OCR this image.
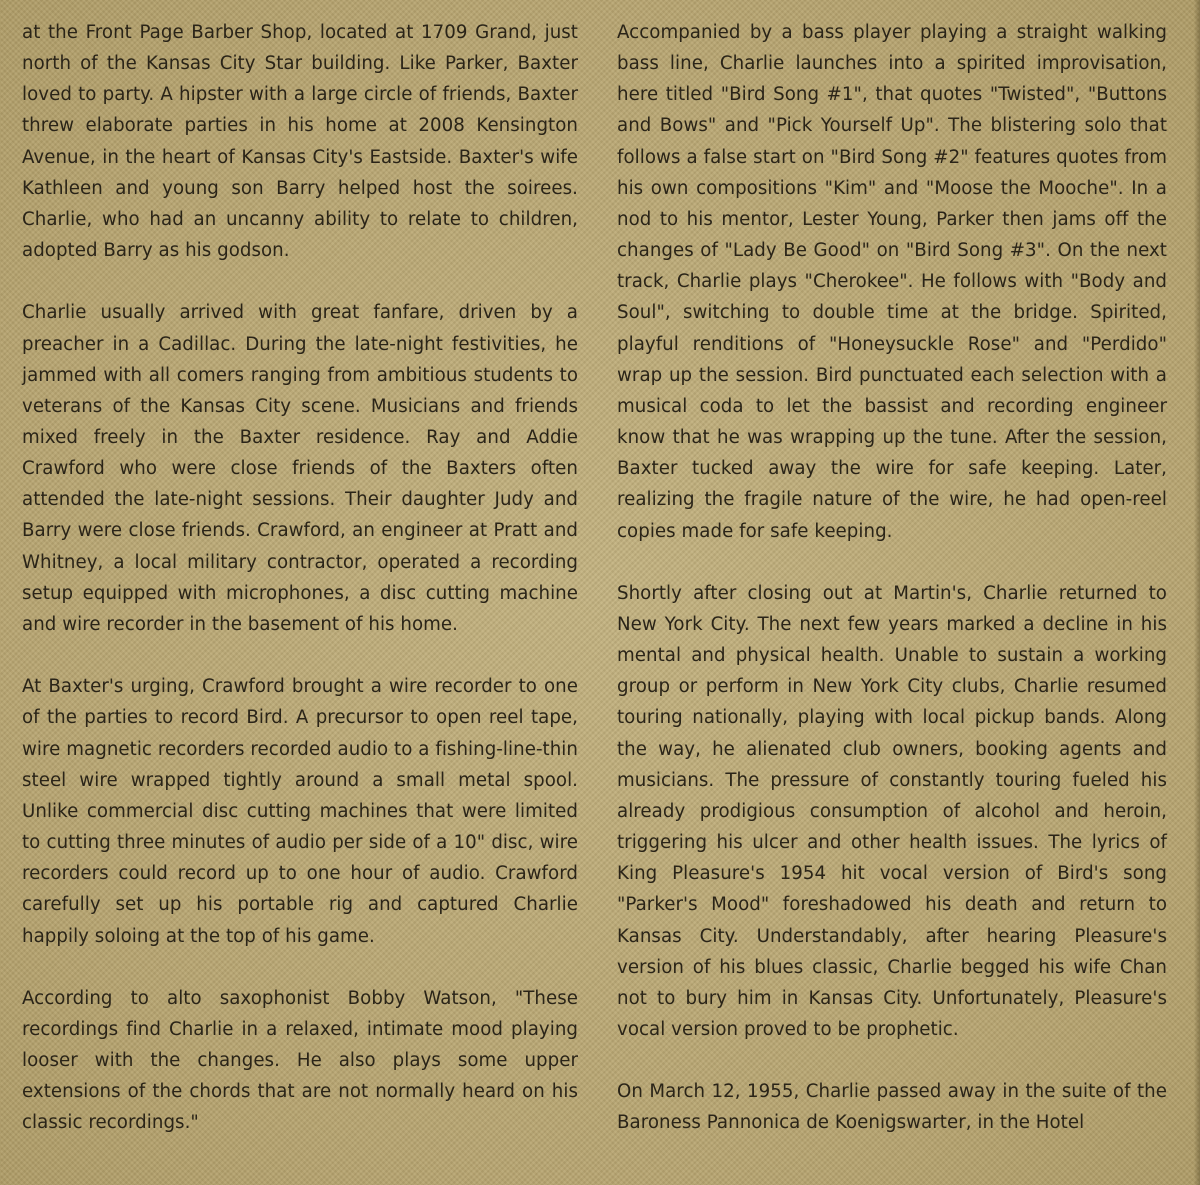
at the Front Page Barber Shop, located at 1709 Grand, just north of the Kansas City Star building. Like Parker, Baxter loved to party. A hipster with a large circle of friends, Baxter threw elaborate parties in his home at 2008 Kensington Avenue, in the heart of Kansas City's Eastside. Baxter's wife Kathleen and young son Barry helped host the soirees. Charlie, who had an uncanny ability to relate to children, adopted Barry as his godson.

Charlie usually arrived with great fanfare, driven by a preacher in a Cadillac. During the late-night festivities, he jammed with all comers ranging from ambitious students to veterans of the Kansas City scene. Musicians and friends mixed freely in the Baxter residence. Ray and Addie Crawford who were close friends of the Baxters often attended the late-night sessions. Their daughter Judy and Barry were close friends. Crawford, an engineer at Pratt and Whitney, a local military contractor, operated a recording setup equipped with microphones, a disc cutting machine and wire recorder in the basement of his home.

At Baxter's urging, Crawford brought a wire recorder to one of the parties to record Bird. A precursor to open reel tape, wire magnetic recorders recorded audio to a fishing-line-thin steel wire wrapped tightly around a small metal spool. Unlike commercial disc cutting machines that were limited to cutting three minutes of audio per side of a 10" disc, wire recorders could record up to one hour of audio. Crawford carefully set up his portable rig and captured Charlie happily soloing at the top of his game.

According to alto saxophonist Bobby Watson, "These recordings find Charlie in a relaxed, intimate mood playing looser with the changes. He also plays some upper extensions of the chords that are not normally heard on his classic recordings."

Accompanied by a bass player playing a straight walking bass line, Charlie launches into a spirited improvisation, here titled "Bird Song #1", that quotes "Twisted", "Buttons and Bows" and "Pick Yourself Up". The blistering solo that follows a false start on "Bird Song #2" features quotes from his own compositions "Kim" and "Moose the Mooche". In a nod to his mentor, Lester Young, Parker then jams off the changes of "Lady Be Good" on "Bird Song #3". On the next track, Charlie plays "Cherokee". He follows with "Body and Soul", switching to double time at the bridge. Spirited, playful renditions of "Honeysuckle Rose" and "Perdido" wrap up the session. Bird punctuated each selection with a musical coda to let the bassist and recording engineer know that he was wrapping up the tune. After the session, Baxter tucked away the wire for safe keeping. Later, realizing the fragile nature of the wire, he had open-reel copies made for safe keeping.

Shortly after closing out at Martin's, Charlie returned to New York City. The next few years marked a decline in his mental and physical health. Unable to sustain a working group or perform in New York City clubs, Charlie resumed touring nationally, playing with local pickup bands. Along the way, he alienated club owners, booking agents and musicians. The pressure of constantly touring fueled his already prodigious consumption of alcohol and heroin, triggering his ulcer and other health issues. The lyrics of King Pleasure's 1954 hit vocal version of Bird's song "Parker's Mood" foreshadowed his death and return to Kansas City. Understandably, after hearing Pleasure's version of his blues classic, Charlie begged his wife Chan not to bury him in Kansas City. Unfortunately, Pleasure's vocal version proved to be prophetic.

On March 12, 1955, Charlie passed away in the suite of the Baroness Pannonica de Koenigswarter, in the Hotel
